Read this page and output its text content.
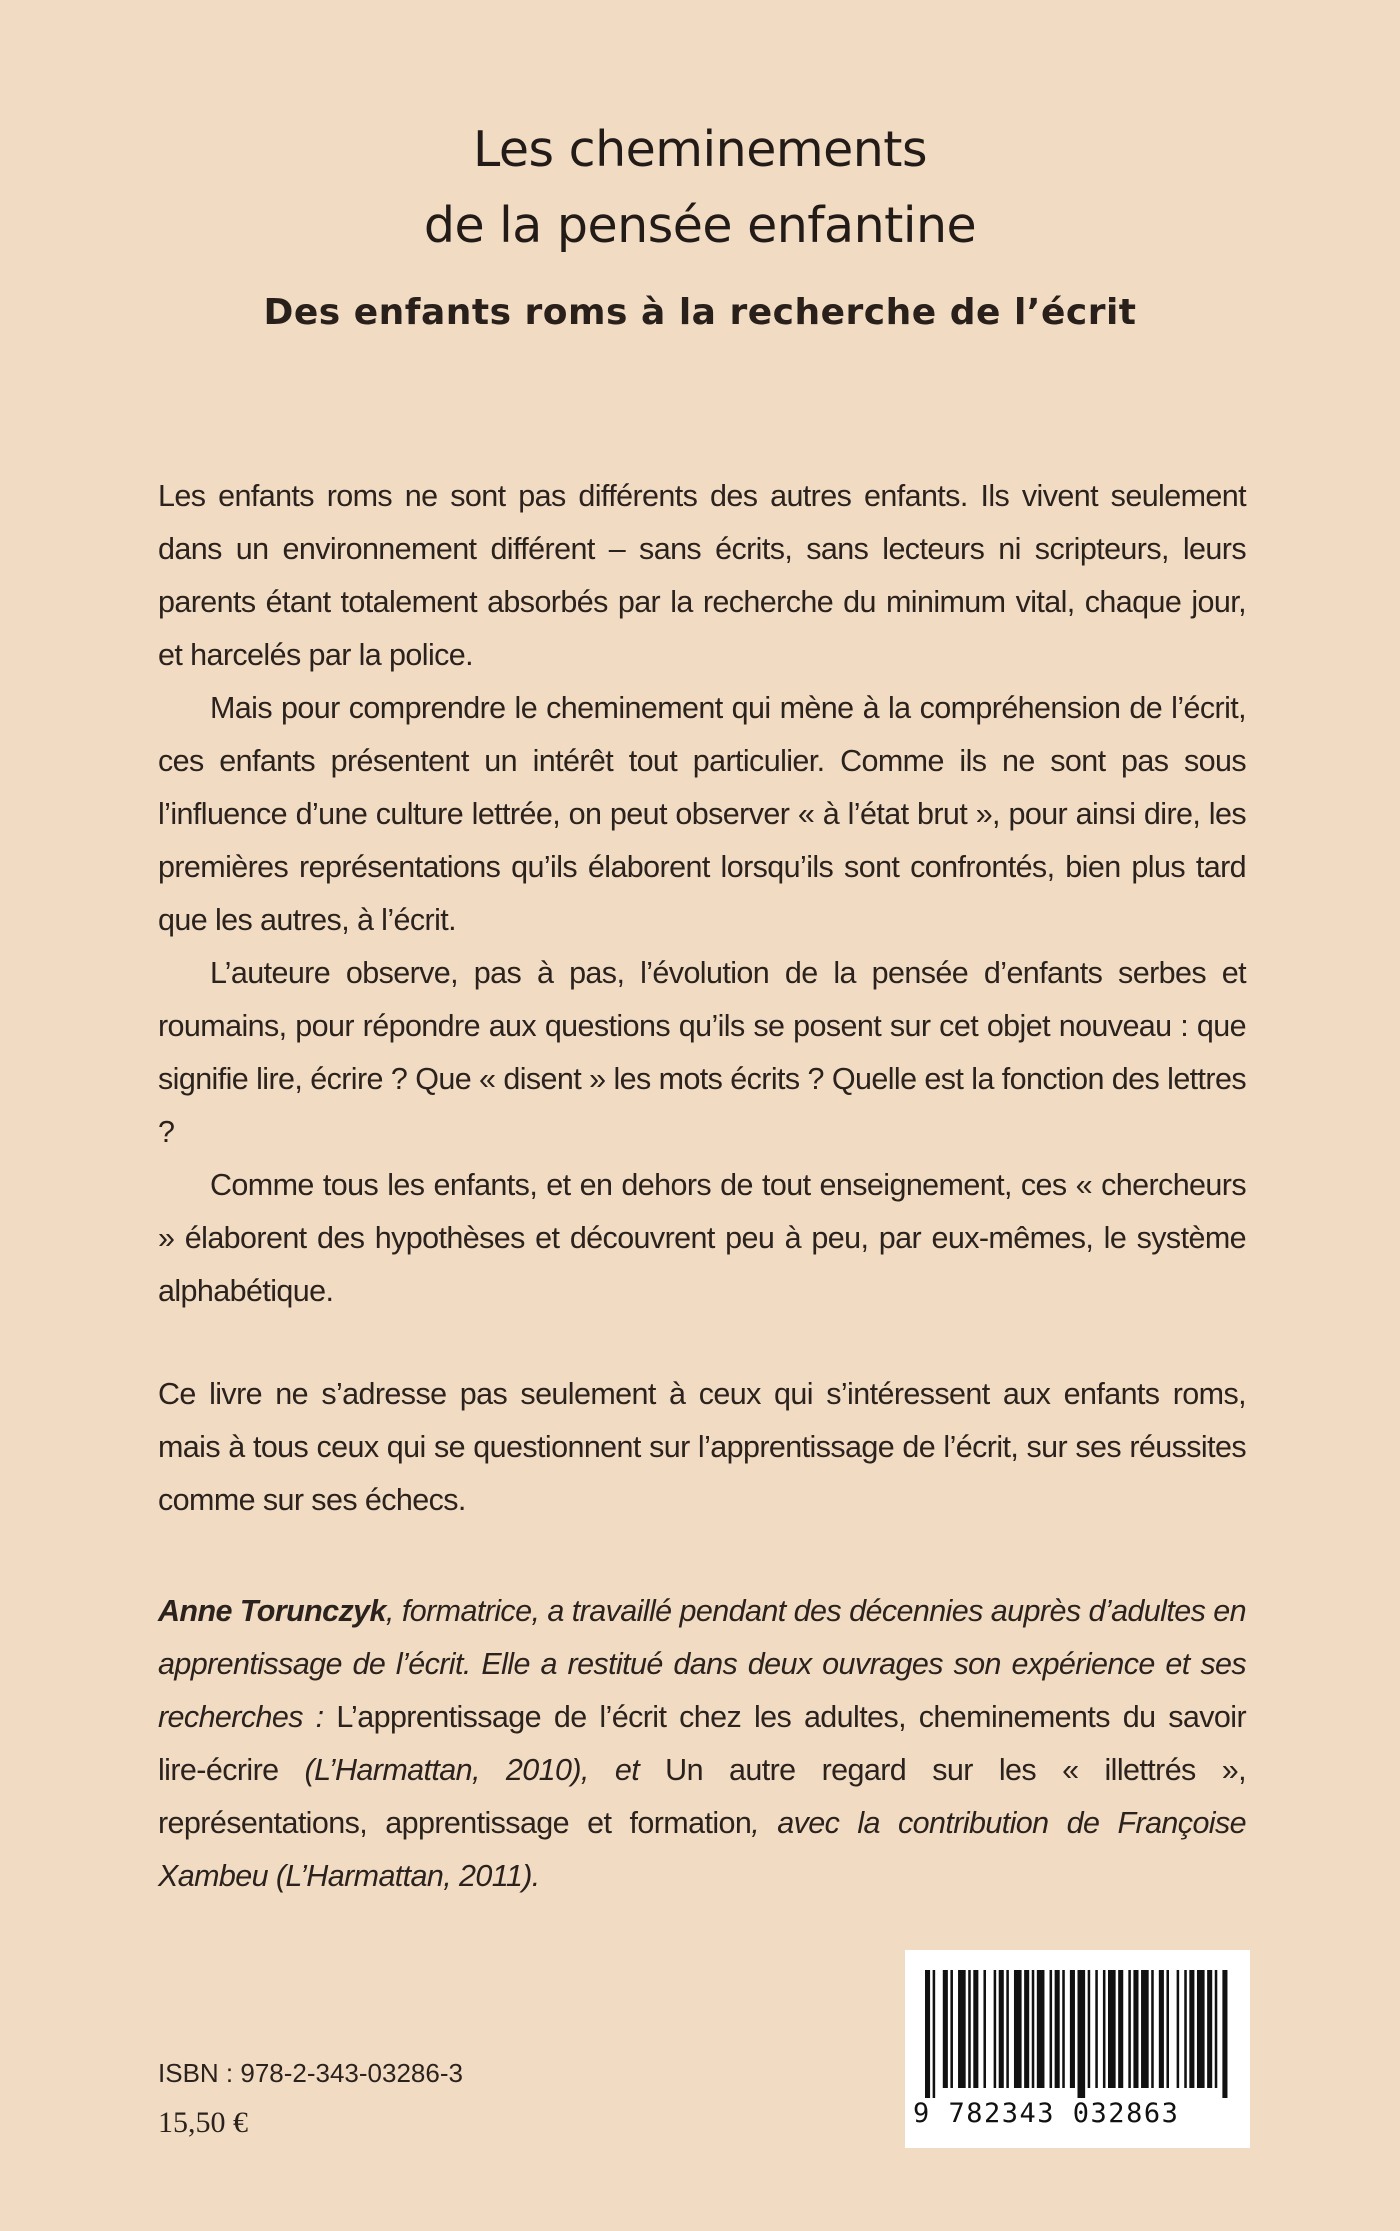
Les cheminements
de la pensée enfantine
Des enfants roms à la recherche de l’écrit

Les enfants roms ne sont pas différents des autres enfants. Ils vivent seulement dans un environnement différent – sans écrits, sans lecteurs ni scripteurs, leurs parents étant totalement absorbés par la recherche du minimum vital, chaque jour, et harcelés par la police.

Mais pour comprendre le cheminement qui mène à la compréhension de l’écrit, ces enfants présentent un intérêt tout particulier. Comme ils ne sont pas sous l’influence d’une culture lettrée, on peut observer « à l’état brut », pour ainsi dire, les premières représentations qu’ils élaborent lorsqu’ils sont confrontés, bien plus tard que les autres, à l’écrit.

L’auteure observe, pas à pas, l’évolution de la pensée d’enfants serbes et roumains, pour répondre aux questions qu’ils se posent sur cet objet nouveau : que signifie lire, écrire ? Que « disent » les mots écrits ? Quelle est la fonction des lettres ?

Comme tous les enfants, et en dehors de tout enseignement, ces « chercheurs » élaborent des hypothèses et découvrent peu à peu, par eux-mêmes, le système alphabétique.

Ce livre ne s’adresse pas seulement à ceux qui s’intéressent aux enfants roms, mais à tous ceux qui se questionnent sur l’apprentissage de l’écrit, sur ses réussites comme sur ses échecs.

Anne Torunczyk, formatrice, a travaillé pendant des décennies auprès d’adultes en apprentissage de l’écrit. Elle a restitué dans deux ouvrages son expérience et ses recherches : L’apprentissage de l’écrit chez les adultes, cheminements du savoir lire-écrire (L’Harmattan, 2010), et Un autre regard sur les « illettrés », représentations, apprentissage et formation, avec la contribution de Françoise Xambeu (L’Harmattan, 2011).

ISBN : 978-2-343-03286-3
15,50 €	9 782343 032863
